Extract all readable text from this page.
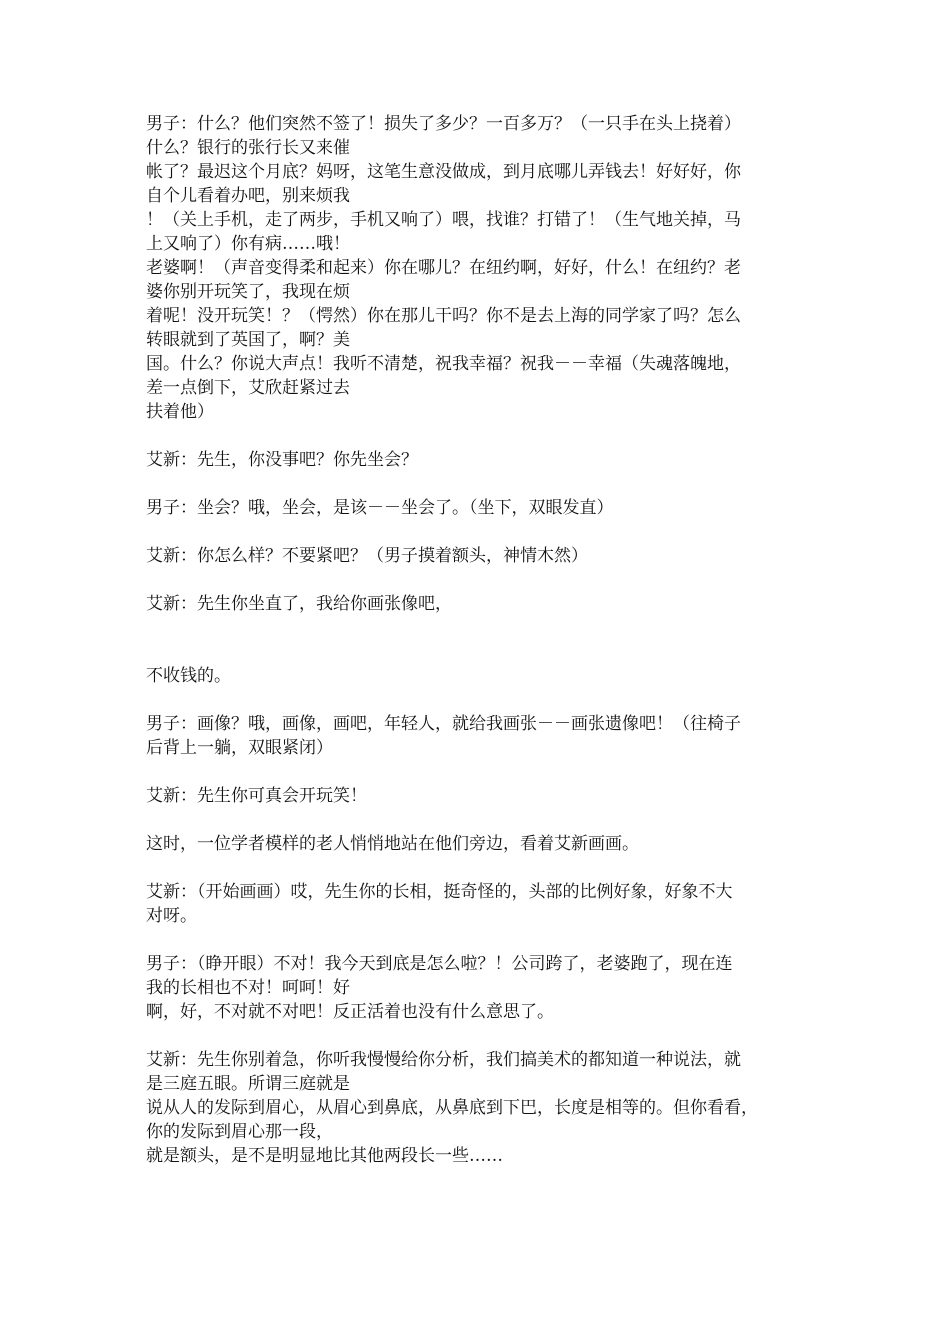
男子：什么？他们突然不签了！损失了多少？一百多万？（一只手在头上挠着）
什么？银行的张行长又来催
帐了？最迟这个月底？妈呀，这笔生意没做成，到月底哪儿弄钱去！好好好，你
自个儿看着办吧，别来烦我
！（关上手机，走了两步，手机又响了）喂，找谁？打错了！（生气地关掉，马
上又响了）你有病……哦！
老婆啊！（声音变得柔和起来）你在哪儿？在纽约啊，好好，什么！在纽约？老
婆你别开玩笑了，我现在烦
着呢！没开玩笑！？（愕然）你在那儿干吗？你不是去上海的同学家了吗？怎么
转眼就到了英国了，啊？美
国。什么？你说大声点！我听不清楚，祝我幸福？祝我－－幸福（失魂落魄地，
差一点倒下，艾欣赶紧过去
扶着他）
艾新：先生，你没事吧？你先坐会？
男子：坐会？哦，坐会，是该－－坐会了。（坐下，双眼发直）
艾新：你怎么样？不要紧吧？（男子摸着额头，神情木然）
艾新：先生你坐直了，我给你画张像吧，
不收钱的。
男子：画像？哦，画像，画吧，年轻人，就给我画张－－画张遗像吧！（往椅子
后背上一躺，双眼紧闭）
艾新：先生你可真会开玩笑！
这时，一位学者模样的老人悄悄地站在他们旁边，看着艾新画画。
艾新：（开始画画）哎，先生你的长相，挺奇怪的，头部的比例好象，好象不大
对呀。
男子：（睁开眼）不对！我今天到底是怎么啦？！公司跨了，老婆跑了，现在连
我的长相也不对！呵呵！好
啊，好，不对就不对吧！反正活着也没有什么意思了。
艾新：先生你别着急，你听我慢慢给你分析，我们搞美术的都知道一种说法，就
是三庭五眼。所谓三庭就是
说从人的发际到眉心，从眉心到鼻底，从鼻底到下巴，长度是相等的。但你看看，
你的发际到眉心那一段，
就是额头，是不是明显地比其他两段长一些……
